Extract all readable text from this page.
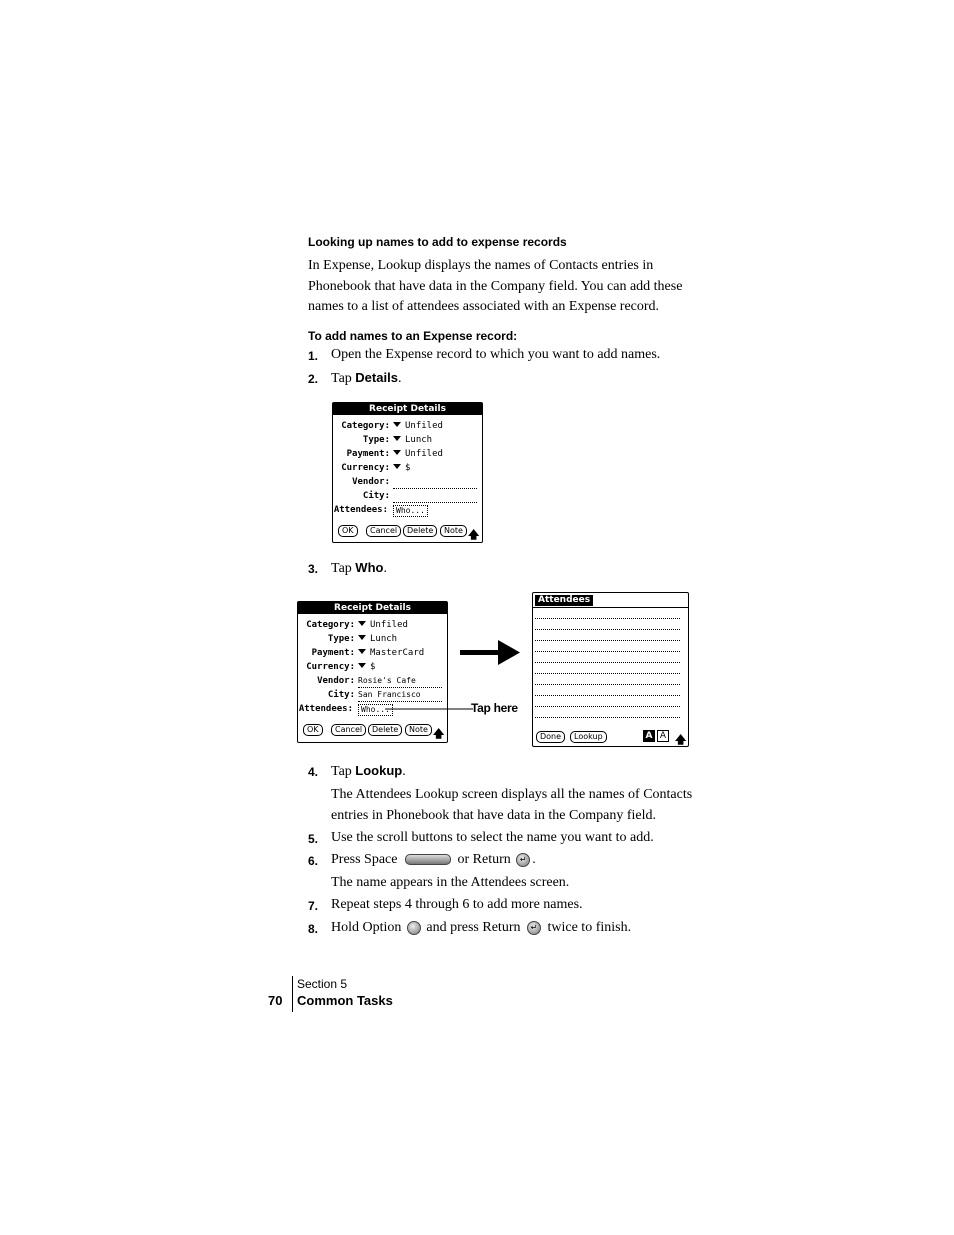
Looking up names to add to expense records
In Expense, Lookup displays the names of Contacts entries in Phonebook that have data in the Company field. You can add these names to a list of attendees associated with an Expense record.
To add names to an Expense record:
1. Open the Expense record to which you want to add names.
2. Tap Details.
Receipt Details
Category:	Unfiled
Type:	Lunch
Payment:	Unfiled
Currency:	$
Vendor:
City:
Attendees:	Who...
OK	Cancel	Delete	Note 🡅
3. Tap Who.
Receipt Details
Category:	Unfiled
Type:	Lunch
Payment:	MasterCard
Currency:	$
Vendor: Rosie's Cafe
City: San Francisco
Attendees:	Who...
OK	Cancel	Delete	Note 🡅
Tap here
Attendees
Done	Lookup	A A 🡅
4. Tap Lookup.
The Attendees Lookup screen displays all the names of Contacts entries in Phonebook that have data in the Company field.
5. Use the scroll buttons to select the name you want to add.
6. Press Space	or Return ↵ .
The name appears in the Attendees screen.
7. Repeat steps 4 through 6 to add more names.
8. Hold Option and press Return ↵ twice to finish.
70
Section 5
Common Tasks
